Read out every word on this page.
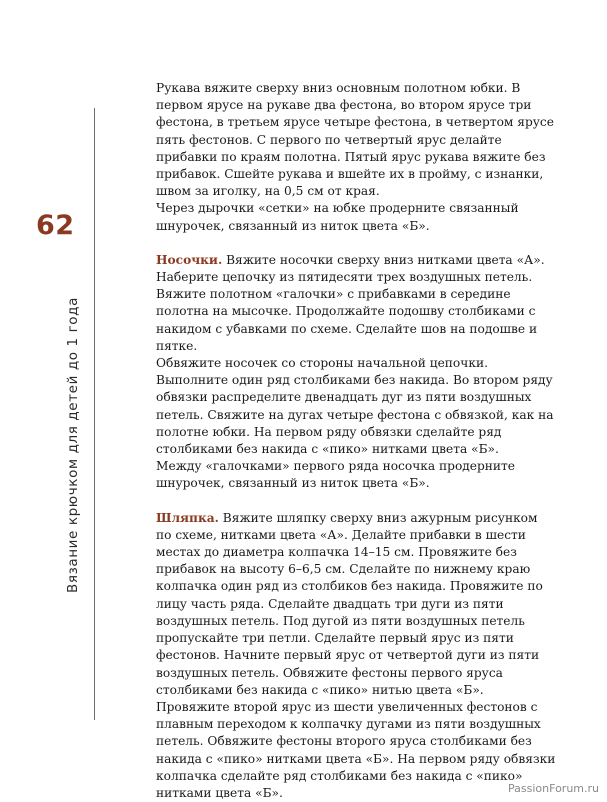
62
Вязание крючком для детей до 1 года

Рукава вяжите сверху вниз основным полотном юбки. В первом ярусе на рукаве два фестона, во втором ярусе три фестона, в третьем ярусе четыре фестона, в четвертом ярусе пять фестонов. С первого по четвертый ярус делайте прибавки по краям полотна. Пятый ярус рукава вяжите без прибавок. Сшейте рукава и вшейте их в пройму, с изнанки, швом за иголку, на 0,5 см от края.

Через дырочки «сетки» на юбке продерните связанный шнурочек, связанный из ниток цвета «Б».

Носочки. Вяжите носочки сверху вниз нитками цвета «А». Наберите цепочку из пятидесяти трех воздушных петель. Вяжите полотном «галочки» с прибавками в середине полотна на мысочке. Продолжайте подошву столбиками с накидом с убавками по схеме. Сделайте шов на подошве и пятке.

Обвяжите носочек со стороны начальной цепочки. Выполните один ряд столбиками без накида. Во втором ряду обвязки распределите двенадцать дуг из пяти воздушных петель. Свяжите на дугах четыре фестона с обвязкой, как на полотне юбки. На первом ряду обвязки сделайте ряд столбиками без накида с «пико» нитками цвета «Б».

Между «галочками» первого ряда носочка продерните шнурочек, связанный из ниток цвета «Б».

Шляпка. Вяжите шляпку сверху вниз ажурным рисунком по схеме, нитками цвета «А». Делайте прибавки в шести местах до диаметра колпачка 14–15 см. Провяжите без прибавок на высоту 6–6,5 см. Сделайте по нижнему краю колпачка один ряд из столбиков без накида. Провяжите по лицу часть ряда. Сделайте двадцать три дуги из пяти воздушных петель. Под дугой из пяти воздушных петель пропускайте три петли. Сделайте первый ярус из пяти фестонов. Начните первый ярус от четвертой дуги из пяти воздушных петель. Обвяжите фестоны первого яруса столбиками без накида с «пико» нитью цвета «Б». Провяжите второй ярус из шести увеличенных фестонов с плавным переходом к колпачку дугами из пяти воздушных петель. Обвяжите фестоны второго яруса столбиками без накида с «пико» нитками цвета «Б». На первом ряду обвязки колпачка сделайте ряд столбиками без накида с «пико» нитками цвета «Б».	PassionForum.ru
